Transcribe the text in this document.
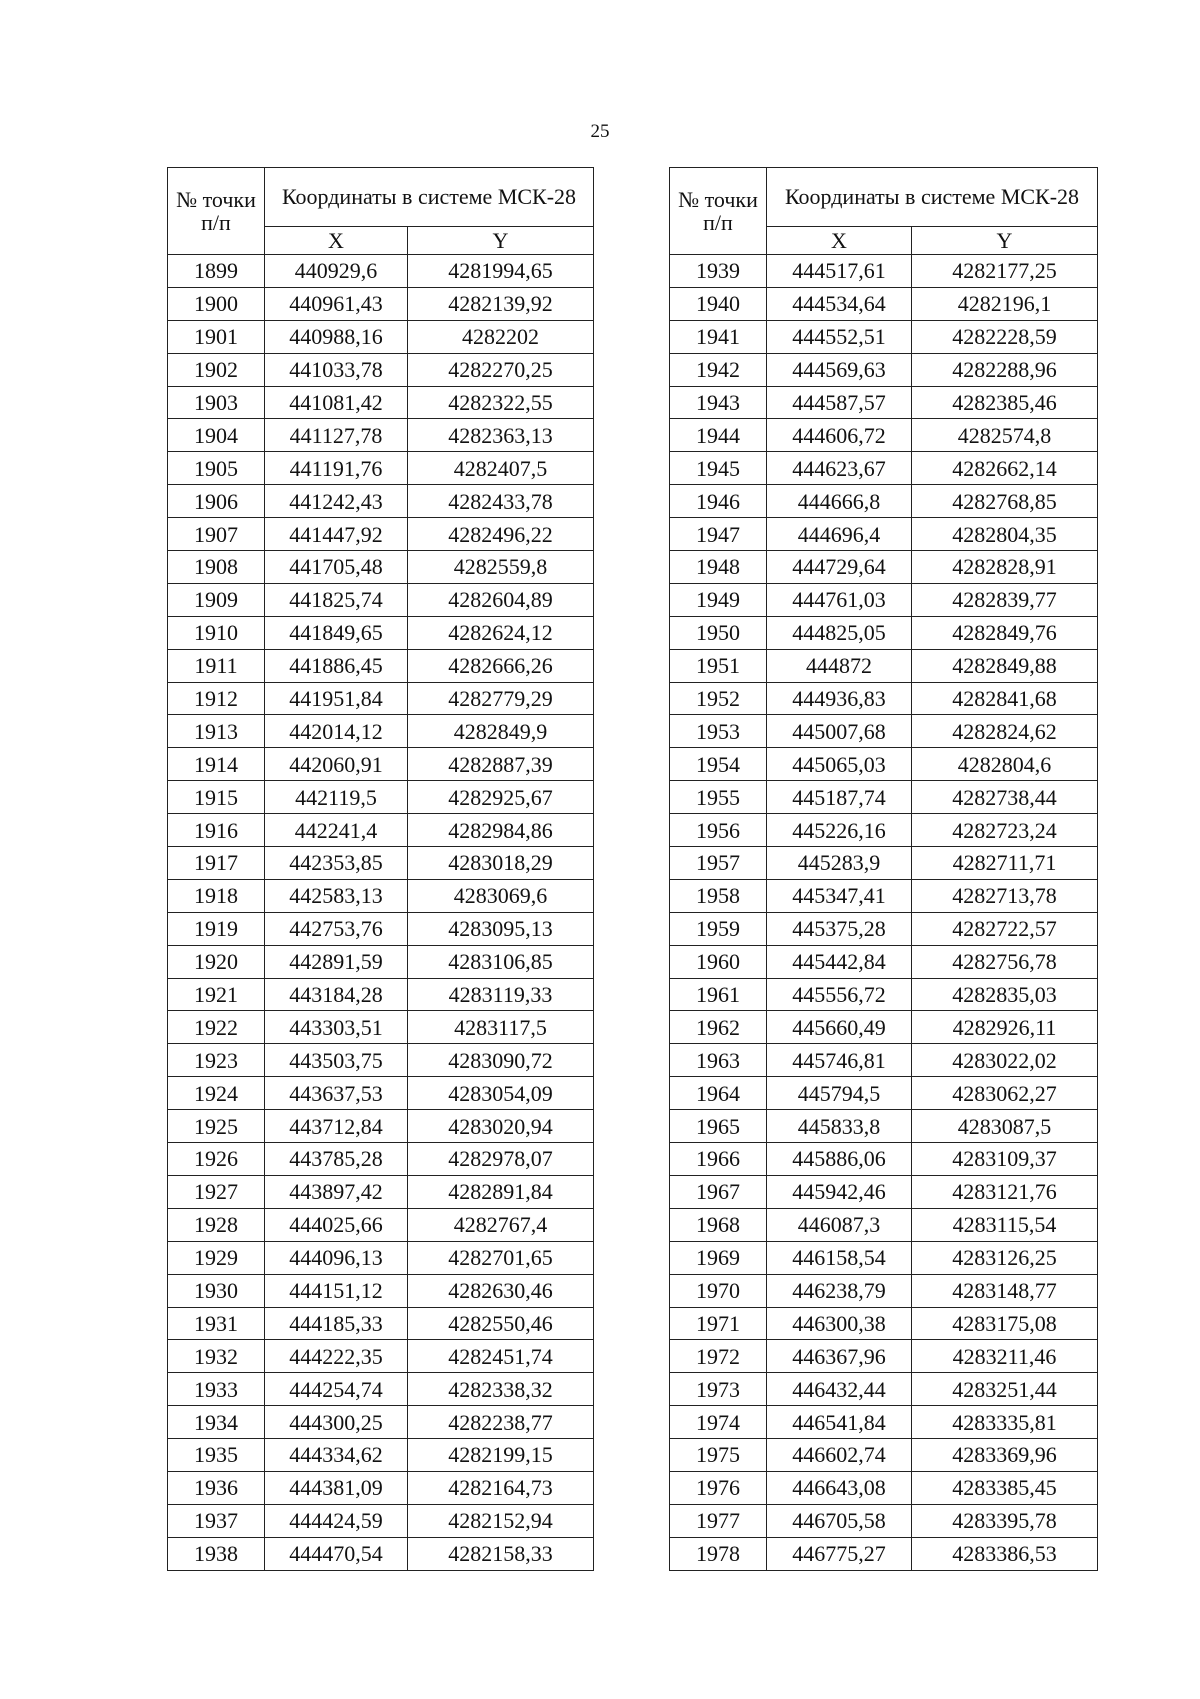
25
№ точки п/п	Координаты в системе МСК-28	
	X	Y
1899	440929,6	4281994,65
1900	440961,43	4282139,92
1901	440988,16	4282202
1902	441033,78	4282270,25
1903	441081,42	4282322,55
1904	441127,78	4282363,13
1905	441191,76	4282407,5
1906	441242,43	4282433,78
1907	441447,92	4282496,22
1908	441705,48	4282559,8
1909	441825,74	4282604,89
1910	441849,65	4282624,12
1911	441886,45	4282666,26
1912	441951,84	4282779,29
1913	442014,12	4282849,9
1914	442060,91	4282887,39
1915	442119,5	4282925,67
1916	442241,4	4282984,86
1917	442353,85	4283018,29
1918	442583,13	4283069,6
1919	442753,76	4283095,13
1920	442891,59	4283106,85
1921	443184,28	4283119,33
1922	443303,51	4283117,5
1923	443503,75	4283090,72
1924	443637,53	4283054,09
1925	443712,84	4283020,94
1926	443785,28	4282978,07
1927	443897,42	4282891,84
1928	444025,66	4282767,4
1929	444096,13	4282701,65
1930	444151,12	4282630,46
1931	444185,33	4282550,46
1932	444222,35	4282451,74
1933	444254,74	4282338,32
1934	444300,25	4282238,77
1935	444334,62	4282199,15
1936	444381,09	4282164,73
1937	444424,59	4282152,94
1938	444470,54	4282158,33
№ точки п/п	Координаты в системе МСК-28	
	X	Y
1939	444517,61	4282177,25
1940	444534,64	4282196,1
1941	444552,51	4282228,59
1942	444569,63	4282288,96
1943	444587,57	4282385,46
1944	444606,72	4282574,8
1945	444623,67	4282662,14
1946	444666,8	4282768,85
1947	444696,4	4282804,35
1948	444729,64	4282828,91
1949	444761,03	4282839,77
1950	444825,05	4282849,76
1951	444872	4282849,88
1952	444936,83	4282841,68
1953	445007,68	4282824,62
1954	445065,03	4282804,6
1955	445187,74	4282738,44
1956	445226,16	4282723,24
1957	445283,9	4282711,71
1958	445347,41	4282713,78
1959	445375,28	4282722,57
1960	445442,84	4282756,78
1961	445556,72	4282835,03
1962	445660,49	4282926,11
1963	445746,81	4283022,02
1964	445794,5	4283062,27
1965	445833,8	4283087,5
1966	445886,06	4283109,37
1967	445942,46	4283121,76
1968	446087,3	4283115,54
1969	446158,54	4283126,25
1970	446238,79	4283148,77
1971	446300,38	4283175,08
1972	446367,96	4283211,46
1973	446432,44	4283251,44
1974	446541,84	4283335,81
1975	446602,74	4283369,96
1976	446643,08	4283385,45
1977	446705,58	4283395,78
1978	446775,27	4283386,53
